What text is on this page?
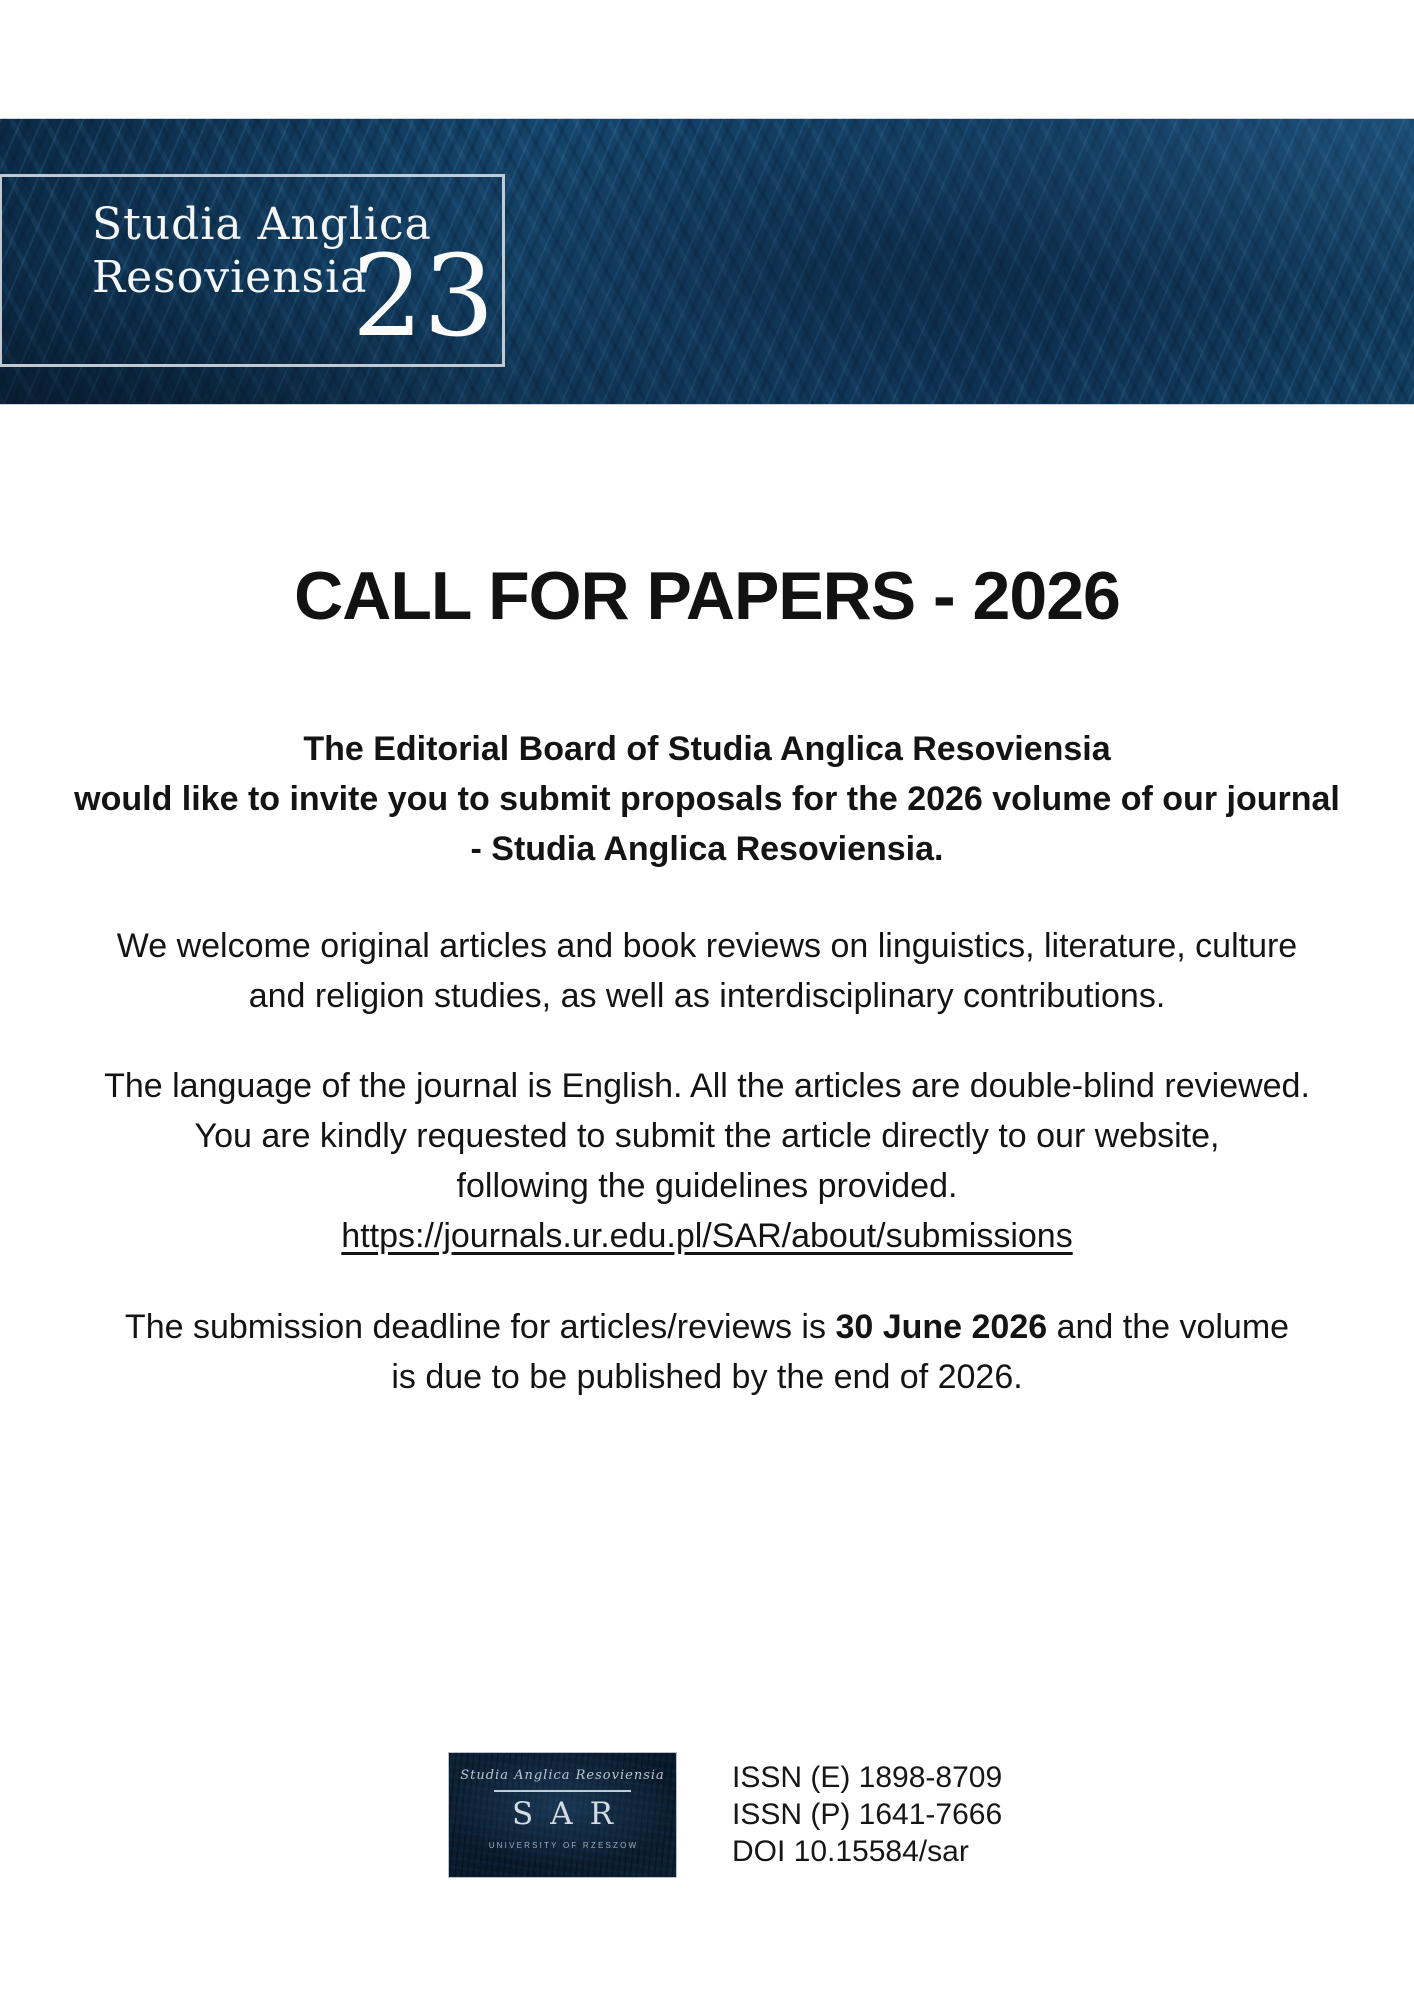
Studia Anglica
Resoviensia
23
CALL FOR PAPERS - 2026
The Editorial Board of Studia Anglica Resoviensia
would like to invite you to submit proposals for the 2026 volume of our journal
- Studia Anglica Resoviensia.
We welcome original articles and book reviews on linguistics, literature, culture
and religion studies, as well as interdisciplinary contributions.
The language of the journal is English. All the articles are double-blind reviewed.
You are kindly requested to submit the article directly to our website,
following the guidelines provided.
https://journals.ur.edu.pl/SAR/about/submissions
The submission deadline for articles/reviews is 30 June 2026 and the volume
is due to be published by the end of 2026.
Studia Anglica Resoviensia
SAR
UNIVERSITY OF RZESZOW
ISSN (E) 1898-8709
ISSN (P) 1641-7666
DOI 10.15584/sar
